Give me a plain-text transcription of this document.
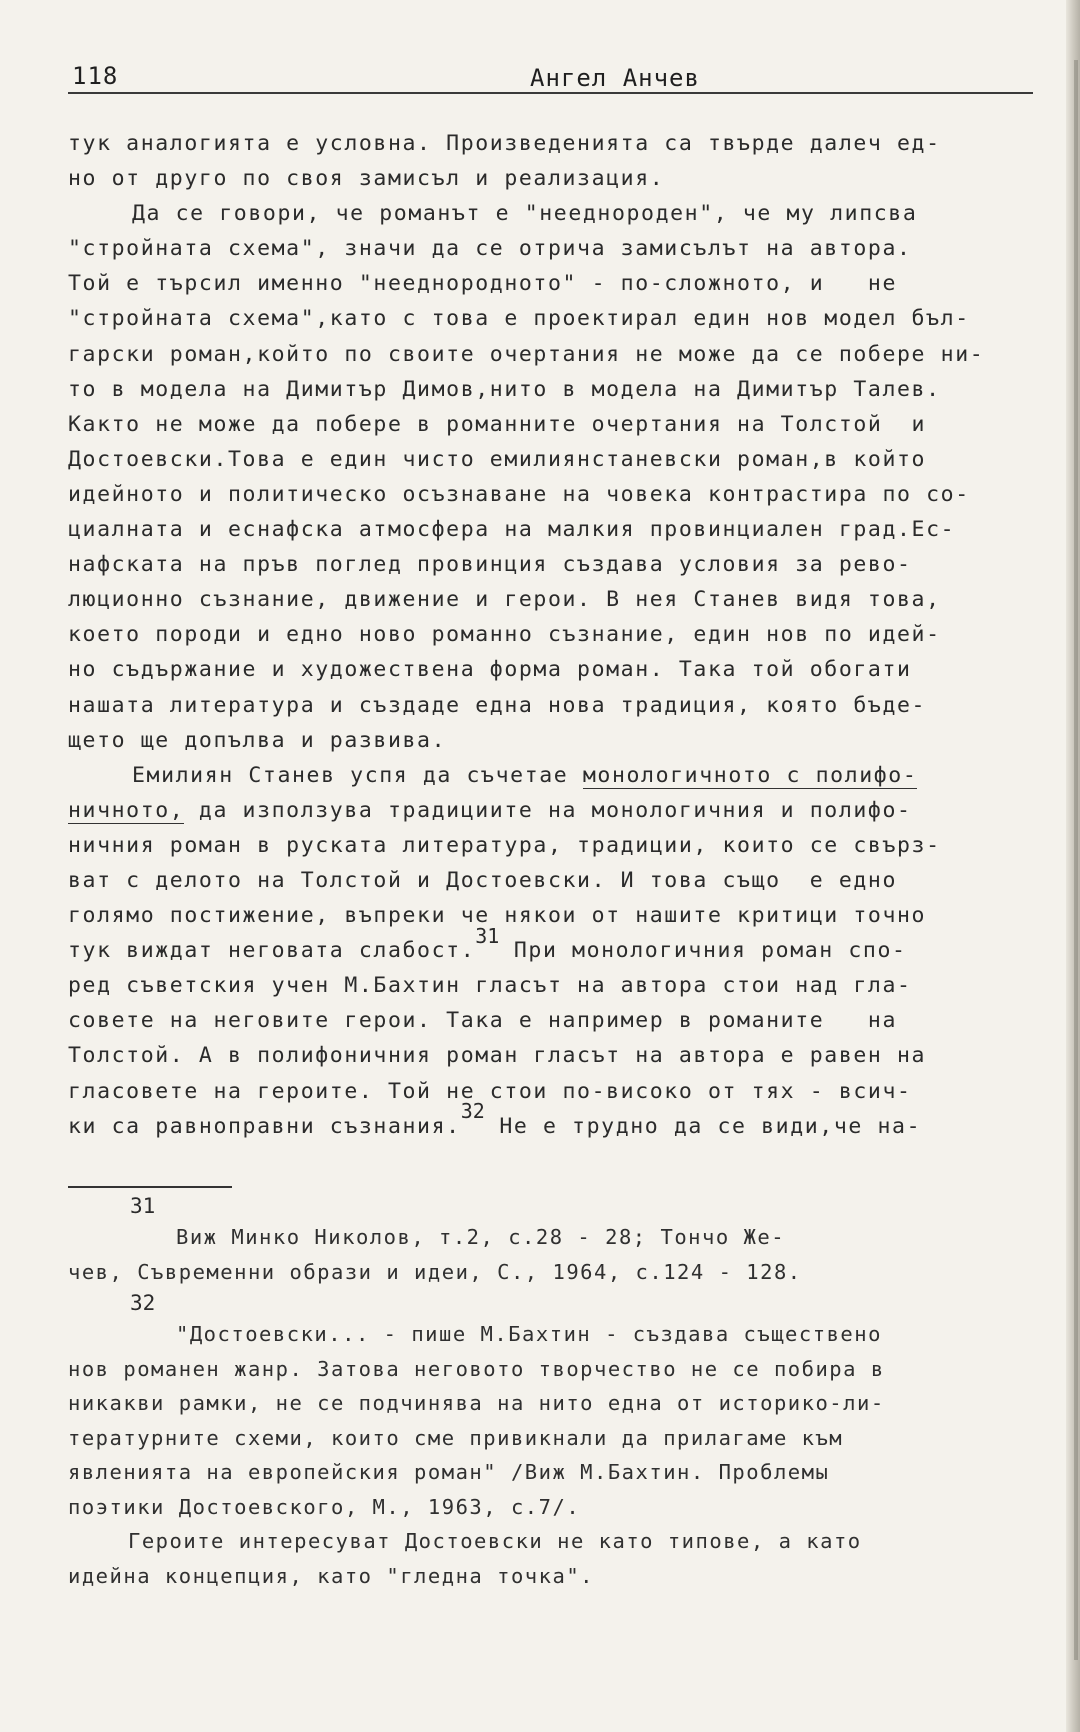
118	Ангел Анчев
тук аналогията е условна. Произведенията са твърде далеч ед-
но от друго по своя замисъл и реализация.
Да се говори, че романът е "нееднороден", че му липсва
"стройната схема", значи да се отрича замисълът на автора.
Той е търсил именно "нееднородното" - по-сложното, и   не
"стройната схема",като с това е проектирал един нов модел бъл-
гарски роман,който по своите очертания не може да се побере ни-
то в модела на Димитър Димов,нито в модела на Димитър Талев.
Както не може да побере в романните очертания на Толстой  и
Достоевски.Това е един чисто емилиянстаневски роман,в който
идейното и политическо осъзнаване на човека контрастира по со-
циалната и еснафска атмосфера на малкия провинциален град.Ес-
нафската на пръв поглед провинция създава условия за рево-
люционно съзнание, движение и герои. В нея Станев видя това,
което породи и едно ново романно съзнание, един нов по идей-
но съдържание и художествена форма роман. Така той обогати
нашата литература и създаде една нова традиция, която бъде-
щето ще допълва и развива.
Емилиян Станев успя да съчетае монологичното с полифо-
ничното, да използува традициите на монологичния и полифо-
ничния роман в руската литература, традиции, които се свърз-
ват с делото на Толстой и Достоевски. И това също  е едно
голямо постижение, въпреки че някои от нашите критици точно
тук виждат неговата слабост.$^{31}$ При монологичния роман спо-
ред съветския учен М.Бахтин гласът на автора стои над гла-
совете на неговите герои. Така е например в романите   на
Толстой. А в полифоничния роман гласът на автора е равен на
гласовете на героите. Той не стои по-високо от тях - всич-
ки са равноправни съзнания.$^{32}$ Не е трудно да се види,че на-
31
Виж Минко Николов, т.2, с.28 - 28; Тончо Же-
чев, Съвременни образи и идеи, С., 1964, с.124 - 128.
32
"Достоевски... - пише М.Бахтин - създава съществено
нов романен жанр. Затова неговото творчество не се побира в
никакви рамки, не се подчинява на нито една от историко-ли-
тературните схеми, които сме привикнали да прилагаме към
явленията на европейския роман" /Виж М.Бахтин. Проблемы
поэтики Достоевского, М., 1963, с.7/.
Героите интересуват Достоевски не като типове, а като
идейна концепция, като "гледна точка".
